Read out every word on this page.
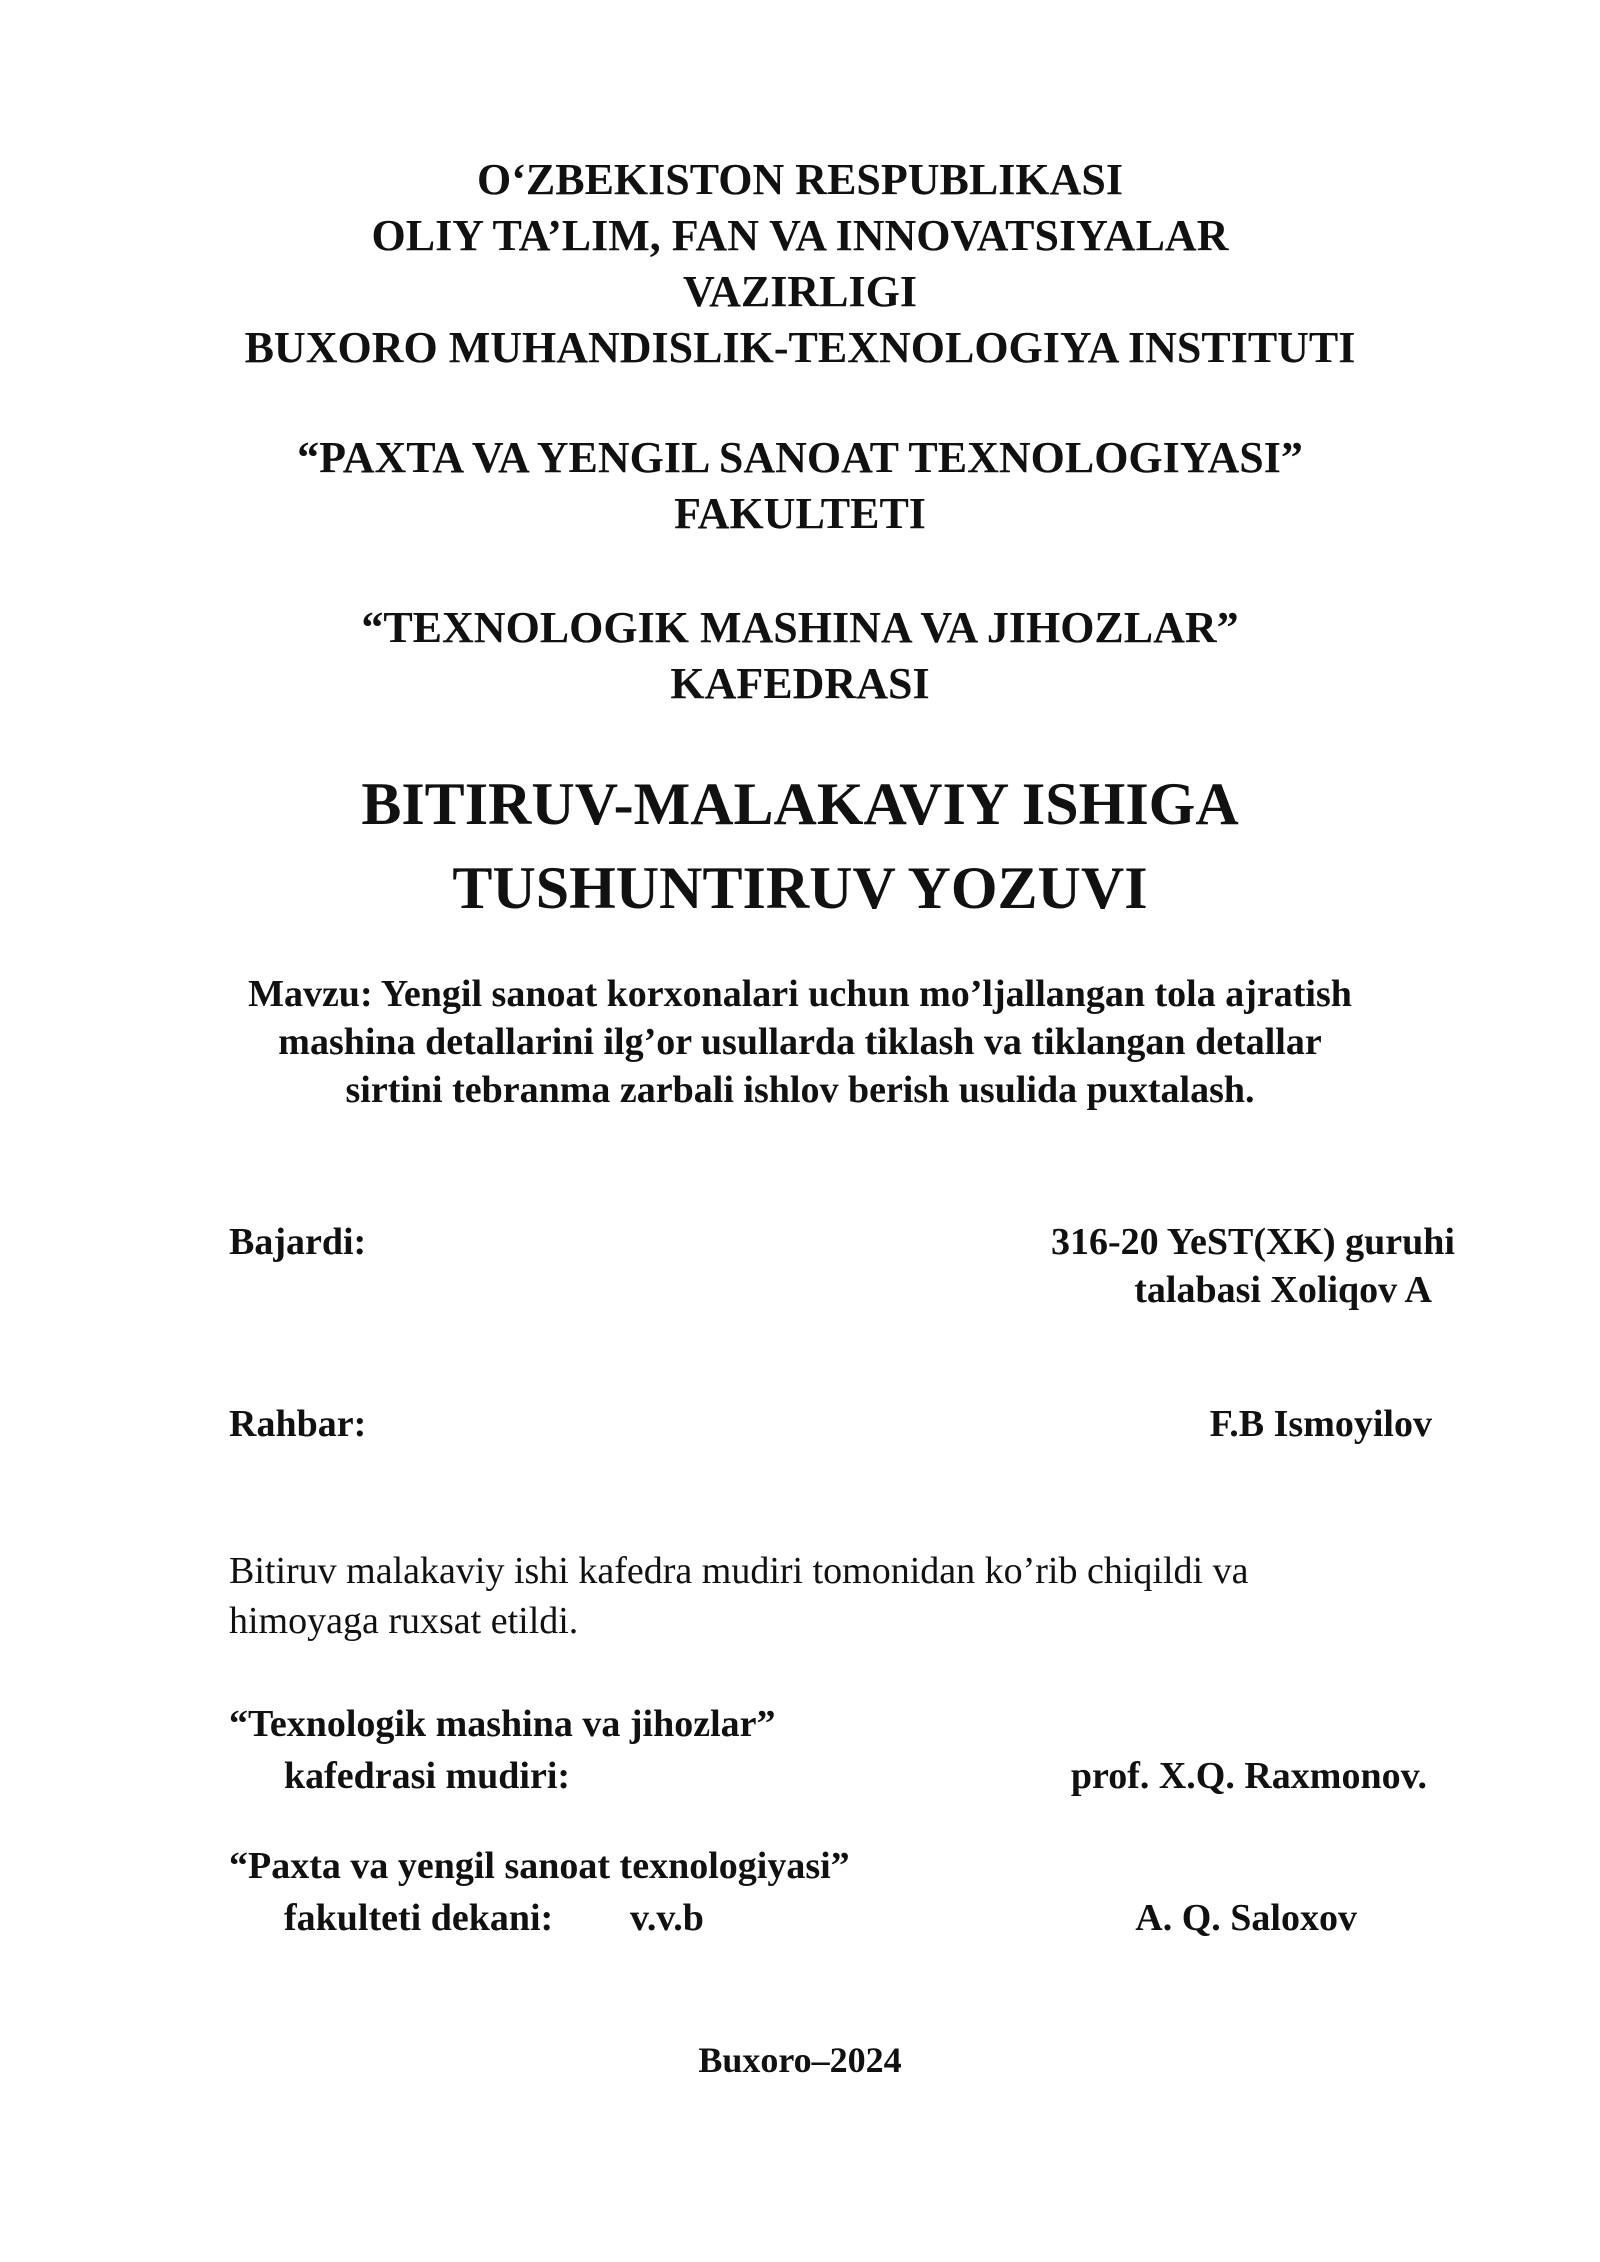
O‘ZBEKISTON RESPUBLIKASI
OLIY TA’LIM, FAN VA INNOVATSIYALAR
VAZIRLIGI
BUXORO MUHANDISLIK-TEXNOLOGIYA INSTITUTI
“PAXTA VA YENGIL SANOAT TEXNOLOGIYASI”
FAKULTETI
“TEXNOLOGIK MASHINA VA JIHOZLAR”
KAFEDRASI
BITIRUV-MALAKAVIY ISHIGA
TUSHUNTIRUV YOZUVI
Mavzu: Yengil sanoat korxonalari uchun mo’ljallangan tola ajratish
mashina detallarini ilg’or usullarda tiklash va tiklangan detallar
sirtini tebranma zarbali ishlov berish usulida puxtalash.
Bajardi:	316-20 YeST(XK) guruhi
talabasi Xoliqov A
Rahbar:	F.B Ismoyilov
Bitiruv malakaviy ishi kafedra mudiri tomonidan ko’rib chiqildi va
himoyaga ruxsat etildi.
“Texnologik mashina va jihozlar”
kafedrasi mudiri:	prof. X.Q. Raxmonov.
“Paxta va yengil sanoat texnologiyasi”
fakulteti dekani: v.v.b	A. Q. Saloxov
Buxoro–2024
